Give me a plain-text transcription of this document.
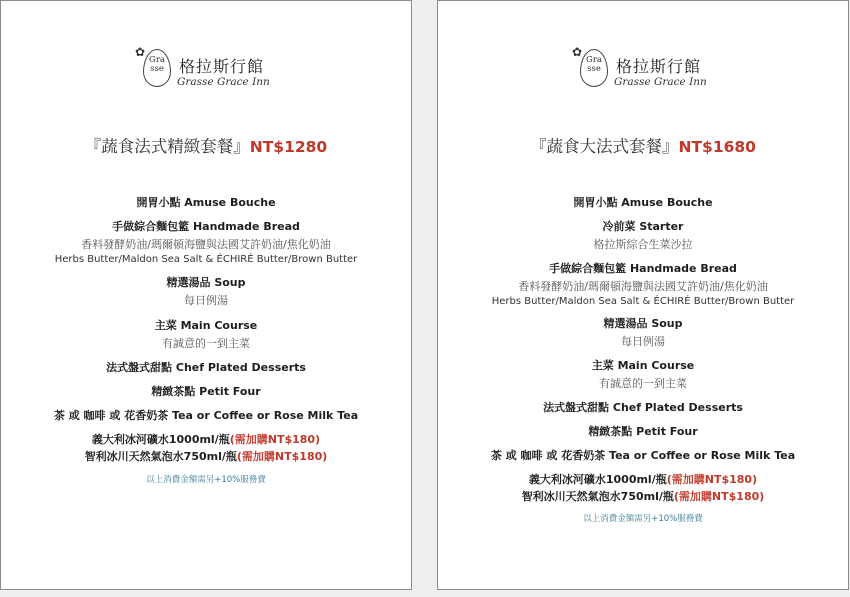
✿
Gra
sse 格拉斯行館
Grasse Grace Inn
『蔬食法式精緻套餐』NT$1280
開胃小點 Amuse Bouche
手做綜合麵包籃 Handmade Bread
香料發酵奶油/瑪爾頓海鹽與法國艾許奶油/焦化奶油
Herbs Butter/Maldon Sea Salt & ÉCHIRÉ Butter/Brown Butter
精選湯品 Soup
每日例湯
主菜 Main Course
有誠意的一到主菜
法式盤式甜點 Chef Plated Desserts
精緻茶點 Petit Four
茶 或 咖啡 或 花香奶茶 Tea or Coffee or Rose Milk Tea
義大利冰河礦水1000ml/瓶(需加購NT$180)
智利冰川天然氣泡水750ml/瓶(需加購NT$180)
以上消費金額需另+10%服務費
✿
Gra
sse 格拉斯行館
Grasse Grace Inn
『蔬食大法式套餐』NT$1680
開胃小點 Amuse Bouche
冷前菜 Starter
格拉斯綜合生菜沙拉
手做綜合麵包籃 Handmade Bread
香料發酵奶油/瑪爾頓海鹽與法國艾許奶油/焦化奶油
Herbs Butter/Maldon Sea Salt & ÉCHIRÉ Butter/Brown Butter
精選湯品 Soup
每日例湯
主菜 Main Course
有誠意的一到主菜
法式盤式甜點 Chef Plated Desserts
精緻茶點 Petit Four
茶 或 咖啡 或 花香奶茶 Tea or Coffee or Rose Milk Tea
義大利冰河礦水1000ml/瓶(需加購NT$180)
智利冰川天然氣泡水750ml/瓶(需加購NT$180)
以上消費金額需另+10%服務費
